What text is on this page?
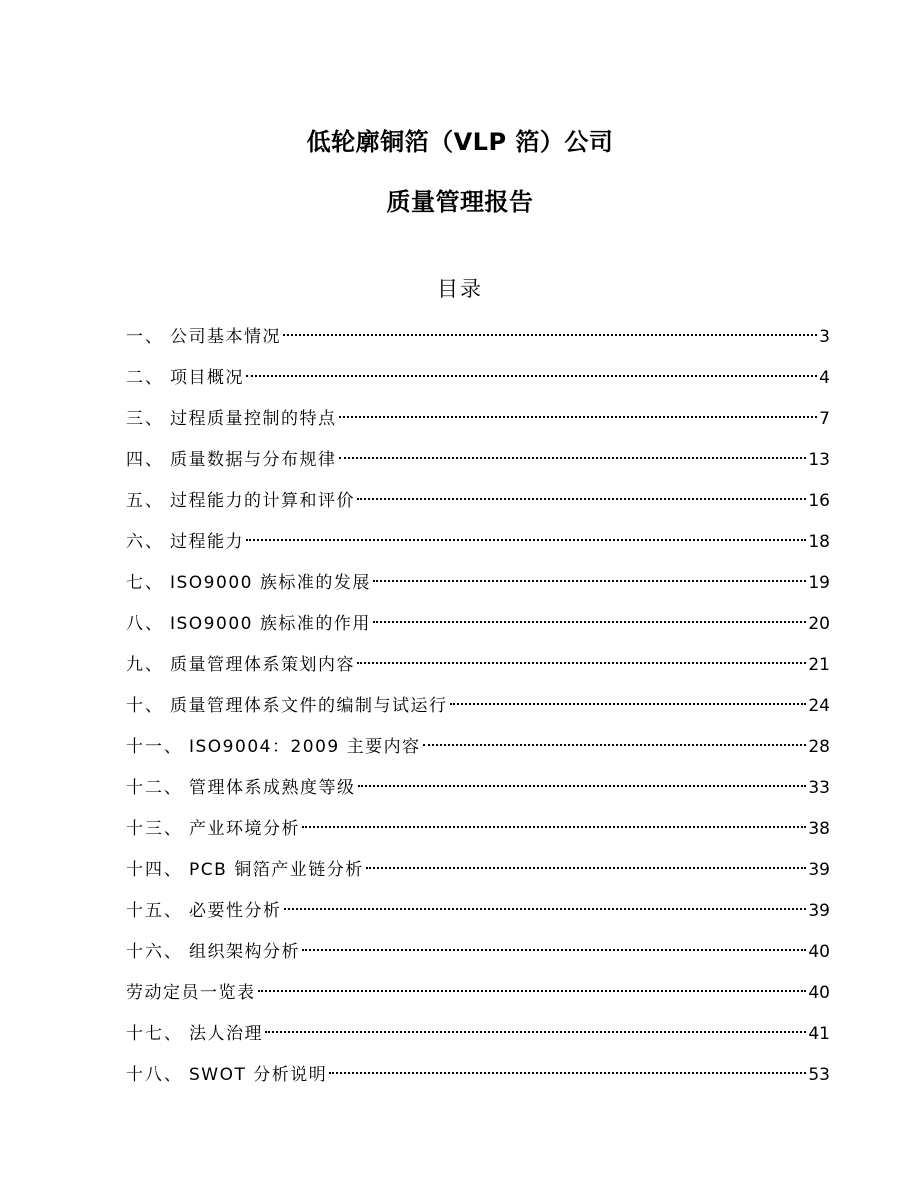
低轮廓铜箔（VLP 箔）公司
质量管理报告
目录
一、 公司基本情况	3
二、 项目概况	4
三、 过程质量控制的特点	7
四、 质量数据与分布规律	13
五、 过程能力的计算和评价	16
六、 过程能力	18
七、 ISO9000 族标准的发展	19
八、 ISO9000 族标准的作用	20
九、 质量管理体系策划内容	21
十、 质量管理体系文件的编制与试运行	24
十一、 ISO9004：2009 主要内容	28
十二、 管理体系成熟度等级	33
十三、 产业环境分析	38
十四、 PCB 铜箔产业链分析	39
十五、 必要性分析	39
十六、 组织架构分析	40
劳动定员一览表	40
十七、 法人治理	41
十八、 SWOT 分析说明	53
